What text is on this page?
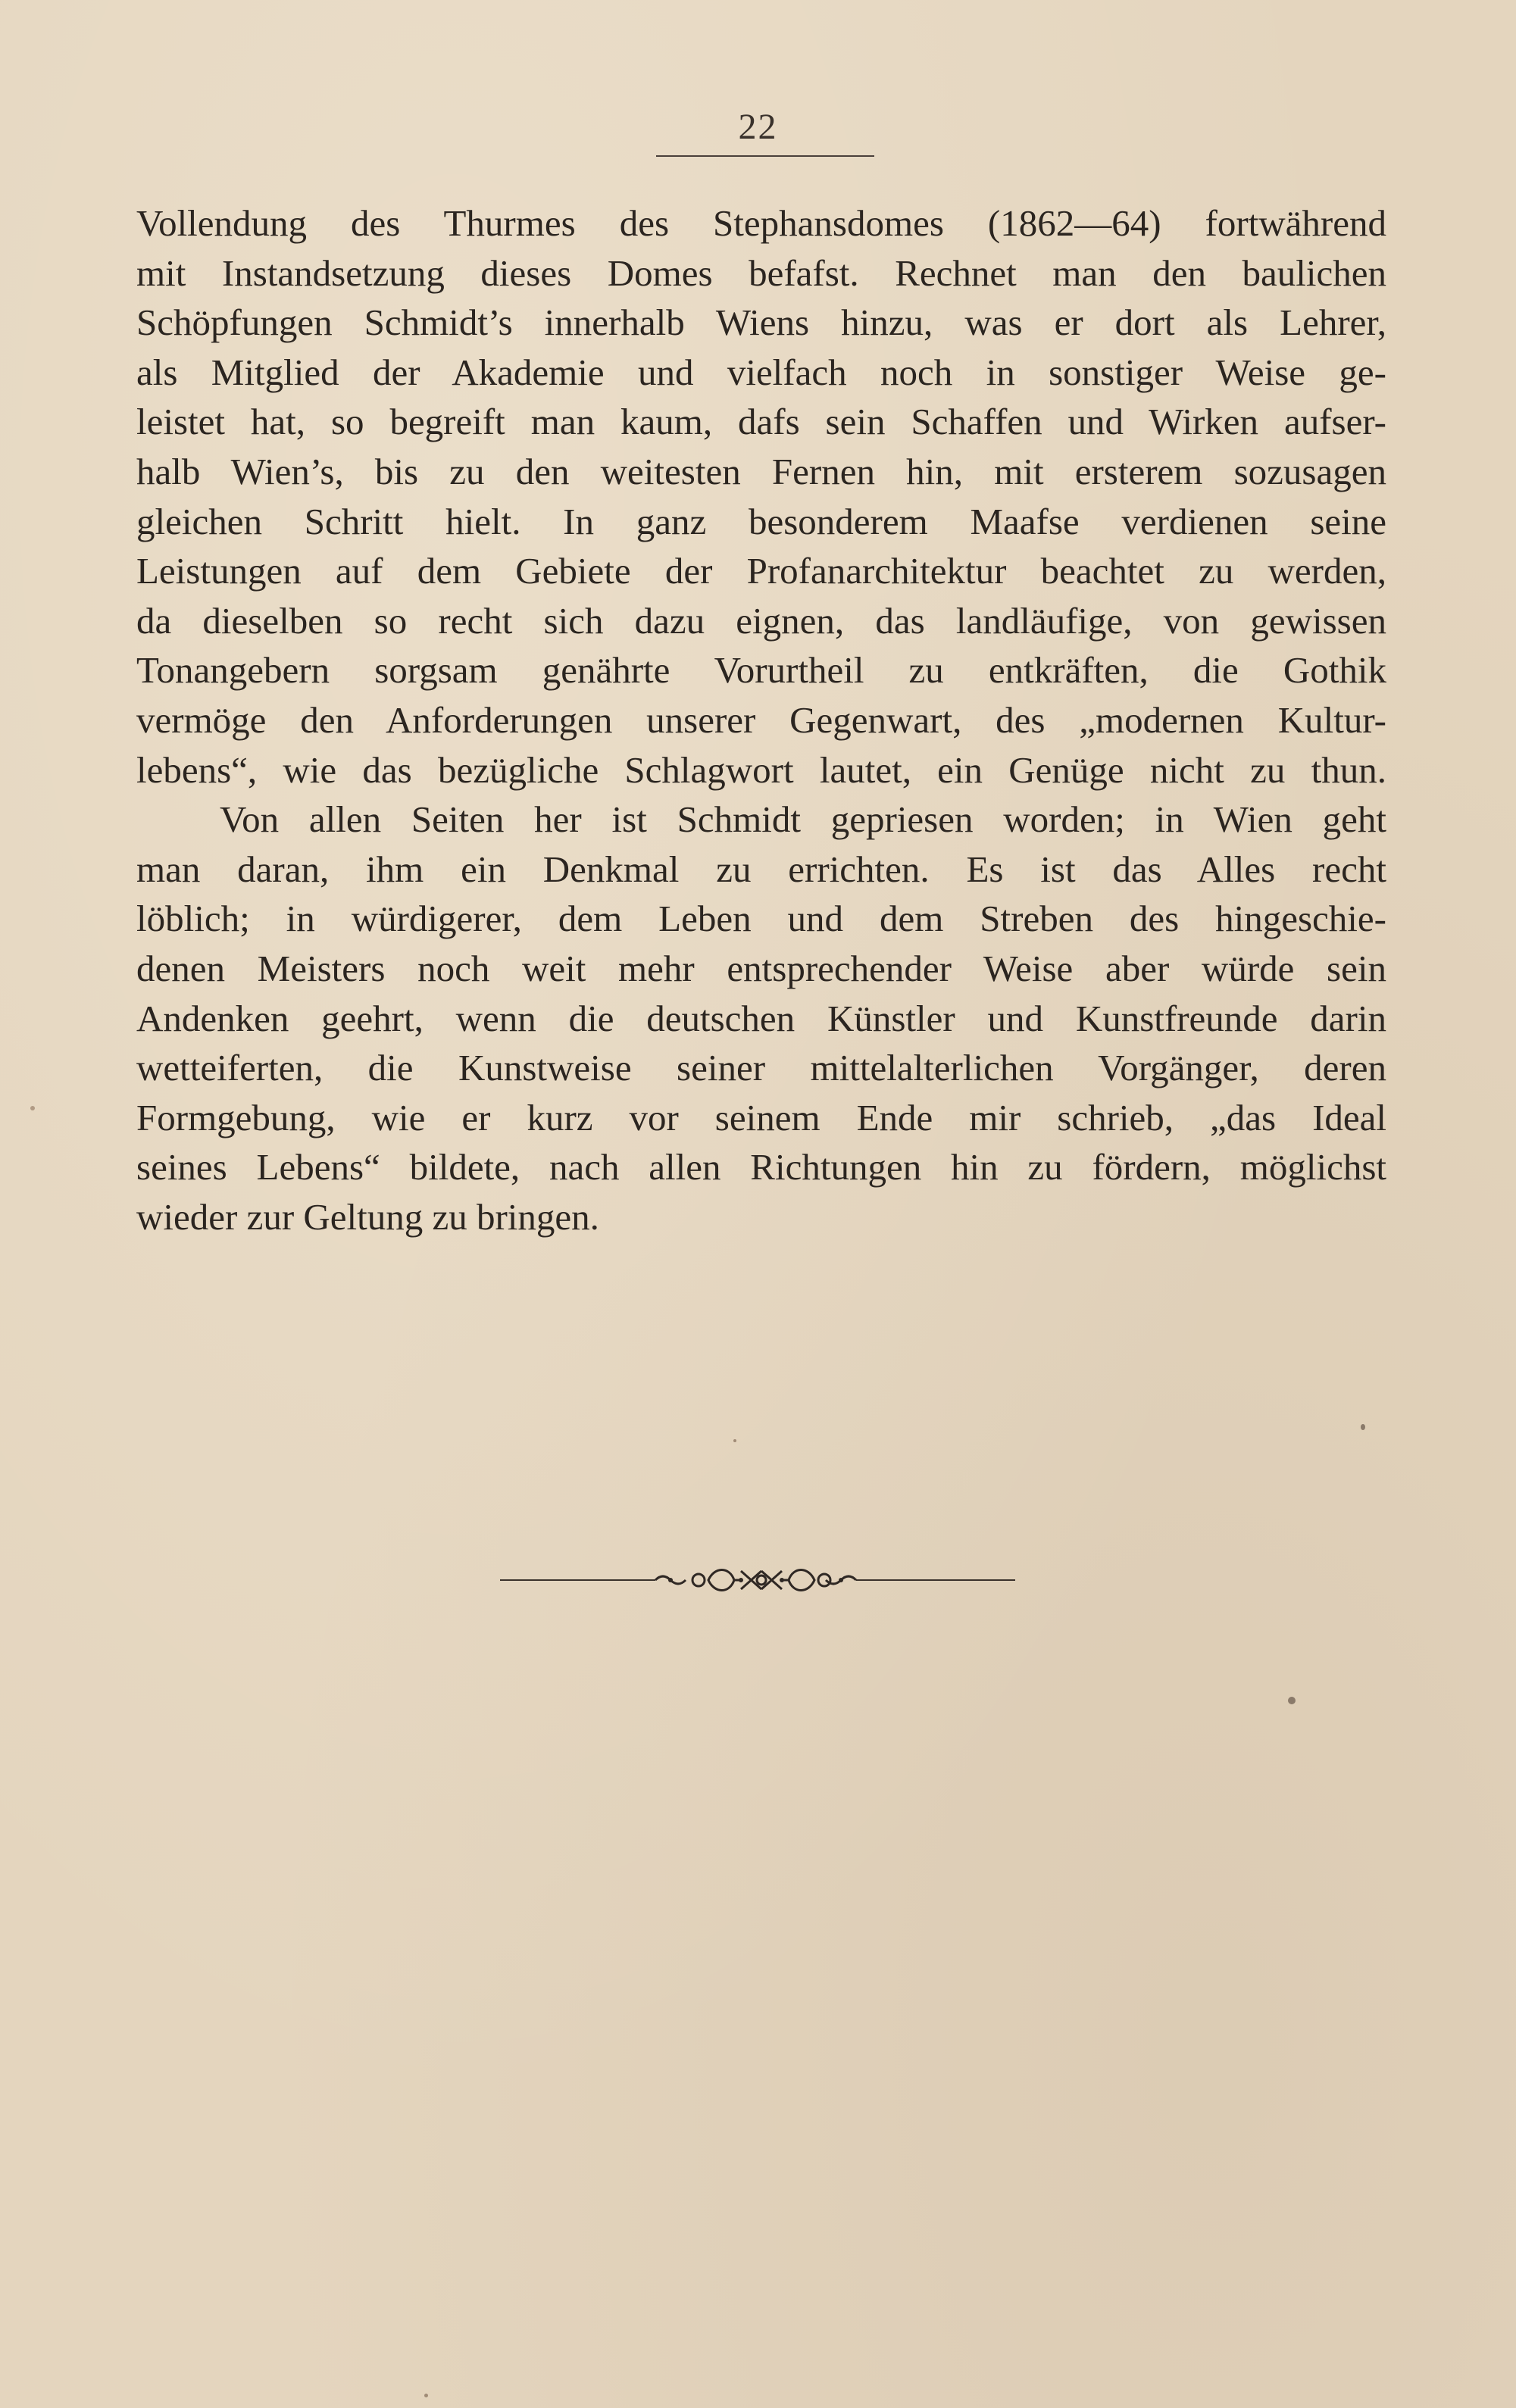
22
Vollendung des Thurmes des Stephansdomes (1862—64) fortwährend
mit Instandsetzung dieses Domes befafst. Rechnet man den baulichen
Schöpfungen Schmidt’s innerhalb Wiens hinzu, was er dort als Lehrer,
als Mitglied der Akademie und vielfach noch in sonstiger Weise ge-
leistet hat, so begreift man kaum, dafs sein Schaffen und Wirken aufser-
halb Wien’s, bis zu den weitesten Fernen hin, mit ersterem sozusagen
gleichen Schritt hielt. In ganz besonderem Maafse verdienen seine
Leistungen auf dem Gebiete der Profanarchitektur beachtet zu werden,
da dieselben so recht sich dazu eignen, das landläufige, von gewissen
Tonangebern sorgsam genährte Vorurtheil zu entkräften, die Gothik
vermöge den Anforderungen unserer Gegenwart, des „modernen Kultur-
lebens“, wie das bezügliche Schlagwort lautet, ein Genüge nicht zu thun.
Von allen Seiten her ist Schmidt gepriesen worden; in Wien geht
man daran, ihm ein Denkmal zu errichten. Es ist das Alles recht
löblich; in würdigerer, dem Leben und dem Streben des hingeschie-
denen Meisters noch weit mehr entsprechender Weise aber würde sein
Andenken geehrt, wenn die deutschen Künstler und Kunstfreunde darin
wetteiferten, die Kunstweise seiner mittelalterlichen Vorgänger, deren
Formgebung, wie er kurz vor seinem Ende mir schrieb, „das Ideal
seines Lebens“ bildete, nach allen Richtungen hin zu fördern, möglichst
wieder zur Geltung zu bringen.
